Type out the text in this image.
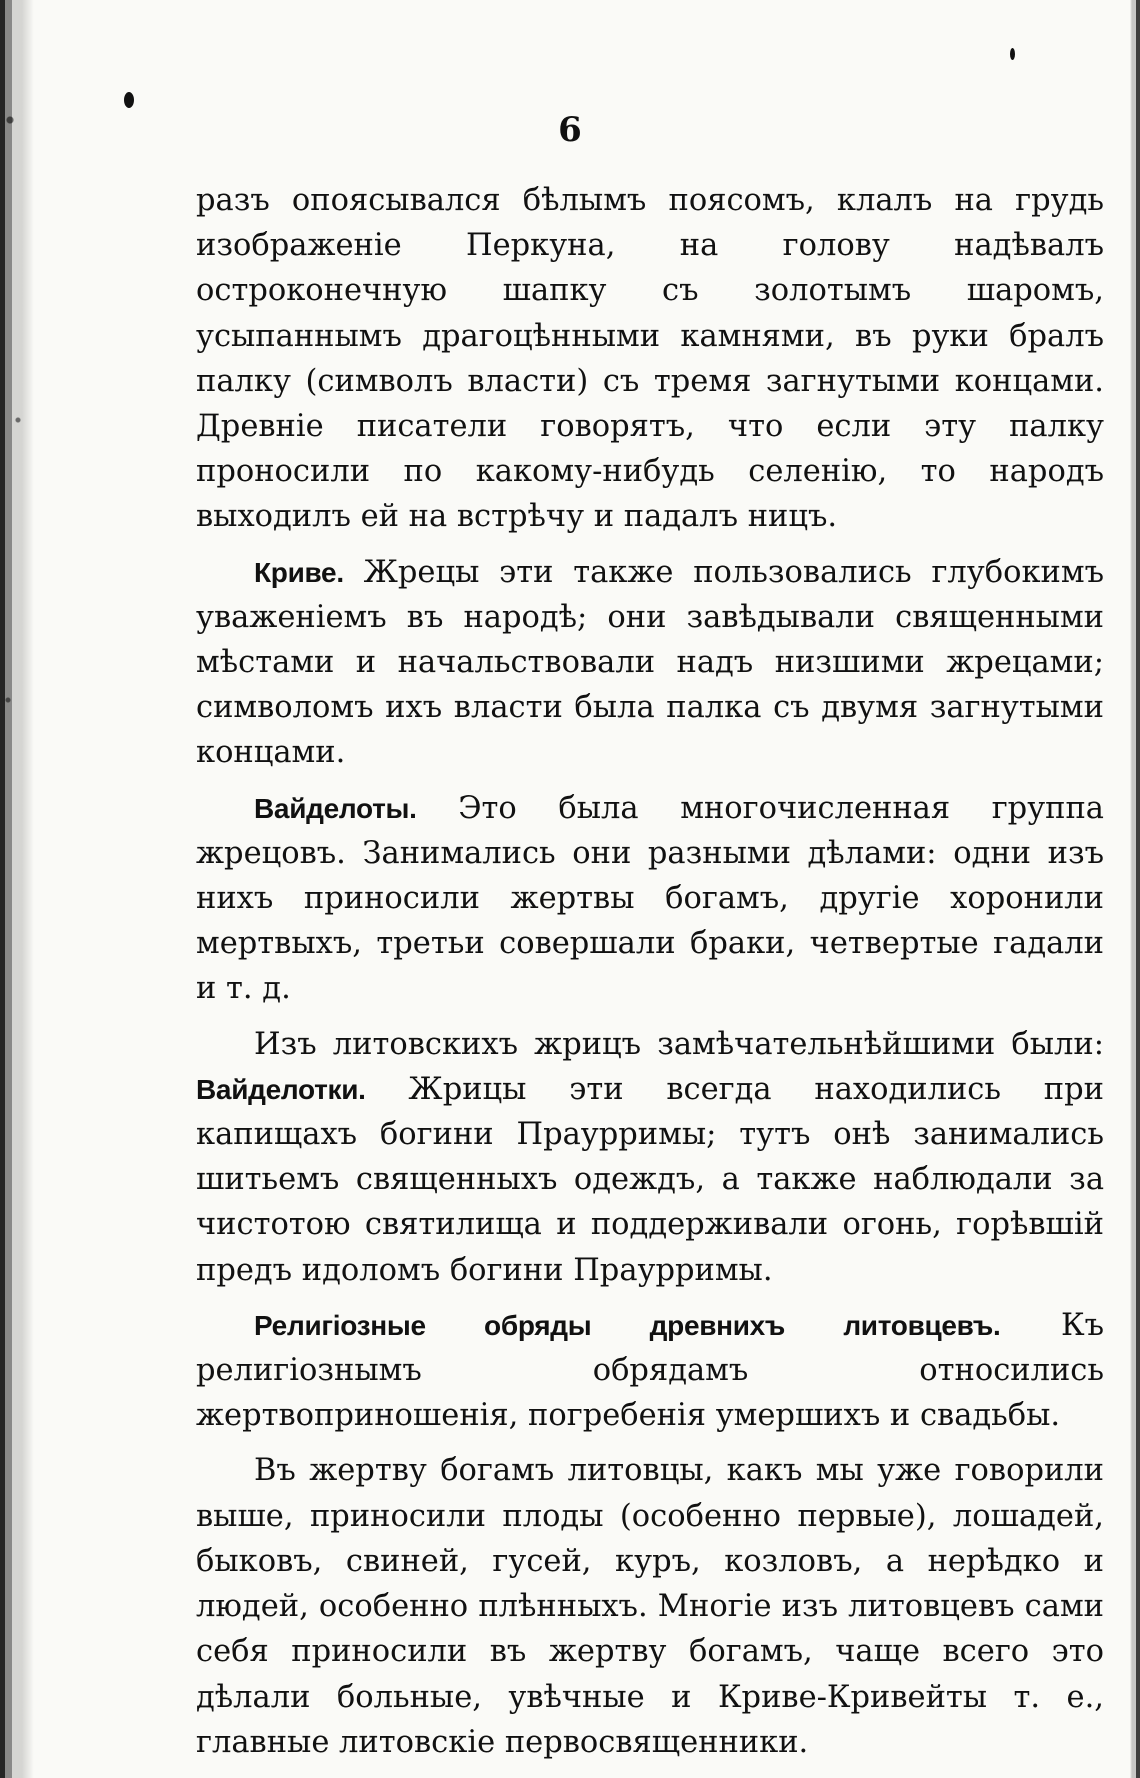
6

разъ опоясывался бѣлымъ поясомъ, клалъ на грудь изображеніе Перкуна, на голову надѣвалъ остроконечную шапку съ золотымъ шаромъ, усыпаннымъ драгоцѣнными камнями, въ руки бралъ палку (символъ власти) съ тремя загнутыми концами. Древніе писатели говорятъ, что если эту палку проносили по какому-нибудь селенію, то народъ выходилъ ей на встрѣчу и падалъ ницъ.

Криве. Жрецы эти также пользовались глубокимъ уваженіемъ въ народѣ; они завѣдывали священными мѣстами и начальствовали надъ низшими жрецами; символомъ ихъ власти была палка съ двумя загнутыми концами.

Вайделоты. Это была многочисленная группа жрецовъ. Занимались они разными дѣлами: одни изъ нихъ приносили жертвы богамъ, другіе хоронили мертвыхъ, третьи совершали браки, четвертые гадали и т. д.

Изъ литовскихъ жрицъ замѣчательнѣйшими были: Вайделотки. Жрицы эти всегда находились при капищахъ богини Праурримы; тутъ онѣ занимались шитьемъ священныхъ одеждъ, а также наблюдали за чистотою святилища и поддерживали огонь, горѣвшій предъ идоломъ богини Праурримы.

Религіозные обряды древнихъ литовцевъ. Къ религіознымъ обрядамъ относились жертвоприношенія, погребенія умершихъ и свадьбы.

Въ жертву богамъ литовцы, какъ мы уже говорили выше, приносили плоды (особенно первые), лошадей, быковъ, свиней, гусей, куръ, козловъ, а нерѣдко и людей, особенно плѣнныхъ. Многіе изъ литовцевъ сами себя приносили въ жертву богамъ, чаще всего это дѣлали больные, увѣчные и Криве-Кривейты т. е., главные литовскіе первосвященники.
